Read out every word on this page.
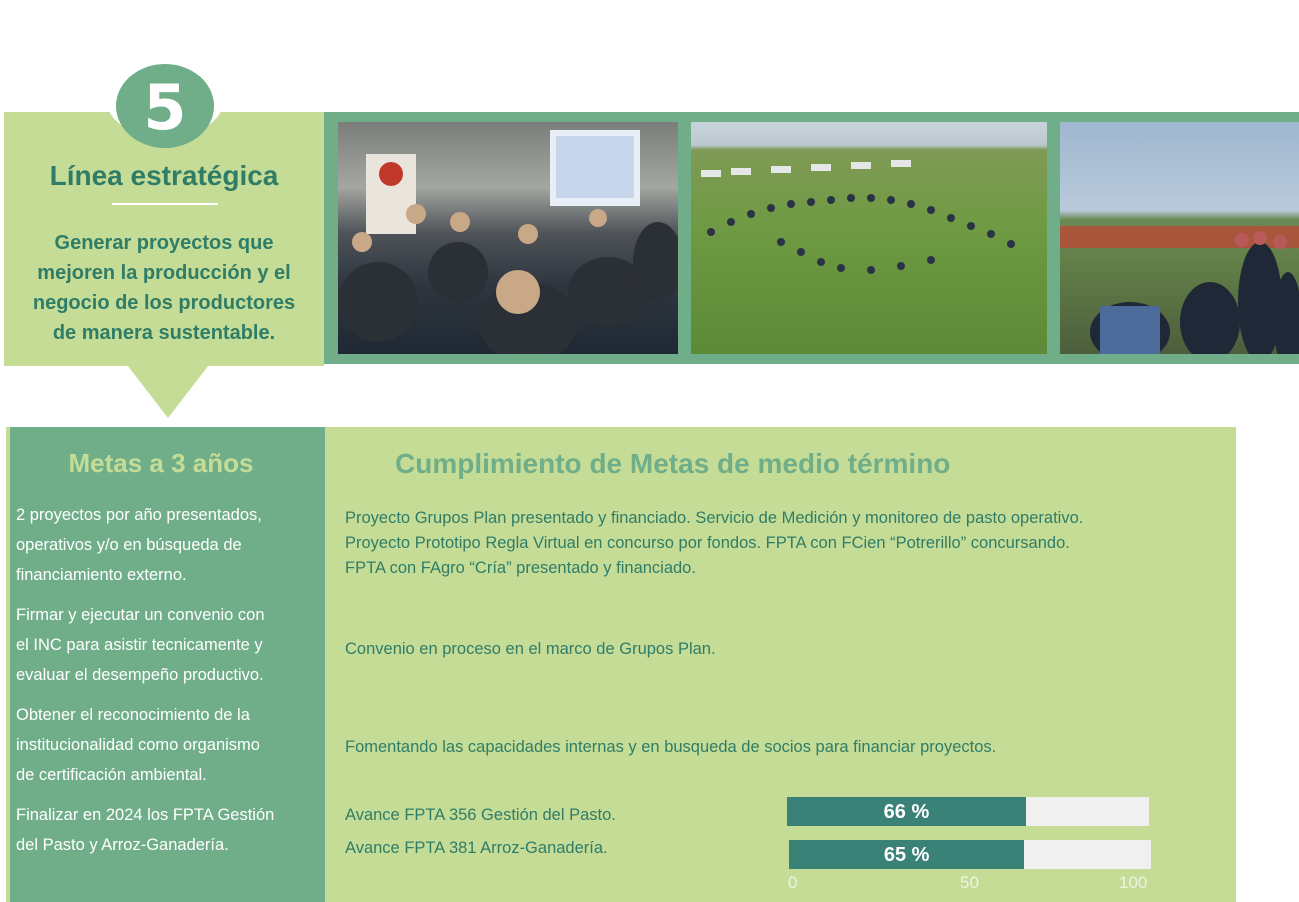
5
Línea estratégica
Generar proyectos que
mejoren la producción y el
negocio de los productores
de manera sustentable.
Metas a 3 años
2 proyectos por año presentados,
operativos y/o en búsqueda de
financiamiento externo.
Firmar y ejecutar un convenio con
el INC para asistir tecnicamente y
evaluar el desempeño productivo.
Obtener el reconocimiento de la
institucionalidad como organismo
de certificación ambiental.
Finalizar en 2024 los FPTA Gestión
del Pasto y Arroz-Ganadería.
Cumplimiento de Metas de medio término
Proyecto Grupos Plan presentado y financiado. Servicio de Medición y monitoreo de pasto operativo.
Proyecto Prototipo Regla Virtual en concurso por fondos. FPTA con FCien “Potrerillo” concursando.
FPTA con FAgro “Cría” presentado y financiado.
Convenio en proceso en el marco de Grupos Plan.
Fomentando las capacidades internas y en busqueda de socios para financiar proyectos.
Avance FPTA 356 Gestión del Pasto.
Avance FPTA 381 Arroz-Ganadería.
66 %
65 %
0	50	100
